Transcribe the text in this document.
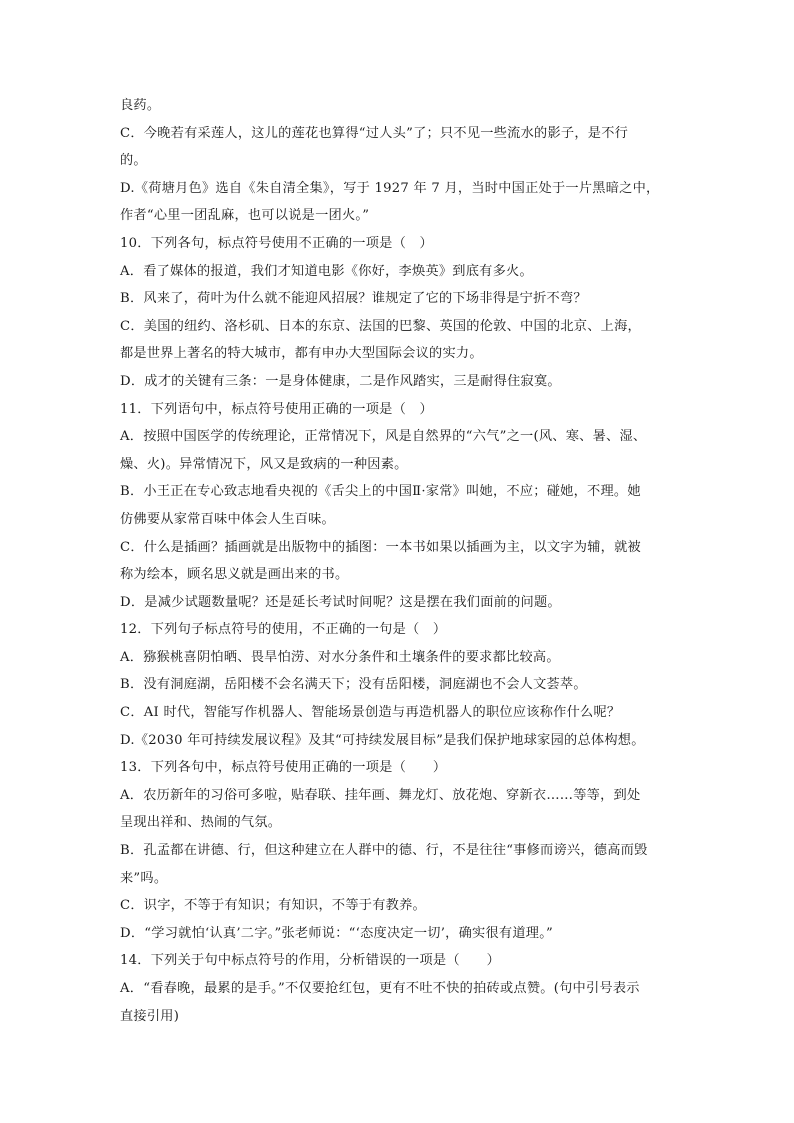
良药。
C．今晚若有采莲人，这儿的莲花也算得“过人头”了；只不见一些流水的影子，是不行
的。
D.《荷塘月色》选自《朱自清全集》，写于 1927 年 7 月，当时中国正处于一片黑暗之中，
作者“心里一团乱麻，也可以说是一团火。”
10．下列各句，标点符号使用不正确的一项是（　）
A．看了媒体的报道，我们才知道电影《你好，李焕英》到底有多火。
B．风来了，荷叶为什么就不能迎风招展？谁规定了它的下场非得是宁折不弯？
C．美国的纽约、洛杉矶、日本的东京、法国的巴黎、英国的伦敦、中国的北京、上海，
都是世界上著名的特大城市，都有申办大型国际会议的实力。
D．成才的关键有三条：一是身体健康，二是作风踏实，三是耐得住寂寞。
11．下列语句中，标点符号使用正确的一项是（　）
A．按照中国医学的传统理论，正常情况下，风是自然界的“六气”之一(风、寒、暑、湿、
燥、火)。异常情况下，风又是致病的一种因素。
B．小王正在专心致志地看央视的《舌尖上的中国Ⅱ·家常》叫她，不应；碰她，不理。她
仿佛要从家常百味中体会人生百味。
C．什么是插画？插画就是出版物中的插图：一本书如果以插画为主，以文字为辅，就被
称为绘本，顾名思义就是画出来的书。
D．是减少试题数量呢？还是延长考试时间呢？这是摆在我们面前的问题。
12．下列句子标点符号的使用，不正确的一句是（　）
A．猕猴桃喜阴怕晒、畏旱怕涝、对水分条件和土壤条件的要求都比较高。
B．没有洞庭湖，岳阳楼不会名满天下；没有岳阳楼，洞庭湖也不会人文荟萃。
C．AI 时代，智能写作机器人、智能场景创造与再造机器人的职位应该称作什么呢？
D.《2030 年可持续发展议程》及其“可持续发展目标”是我们保护地球家园的总体构想。
13．下列各句中，标点符号使用正确的一项是（　　）
A．农历新年的习俗可多啦，贴春联、挂年画、舞龙灯、放花炮、穿新衣……等等，到处
呈现出祥和、热闹的气氛。
B．孔孟都在讲德、行，但这种建立在人群中的德、行，不是往往“事修而谤兴，德高而毁
来”吗。
C．识字，不等于有知识；有知识，不等于有教养。
D．“学习就怕‘认真’二字。”张老师说：“‘态度决定一切’，确实很有道理。”
14．下列关于句中标点符号的作用，分析错误的一项是（　　）
A．“看春晚，最累的是手。”不仅要抢红包，更有不吐不快的拍砖或点赞。(句中引号表示
直接引用)
